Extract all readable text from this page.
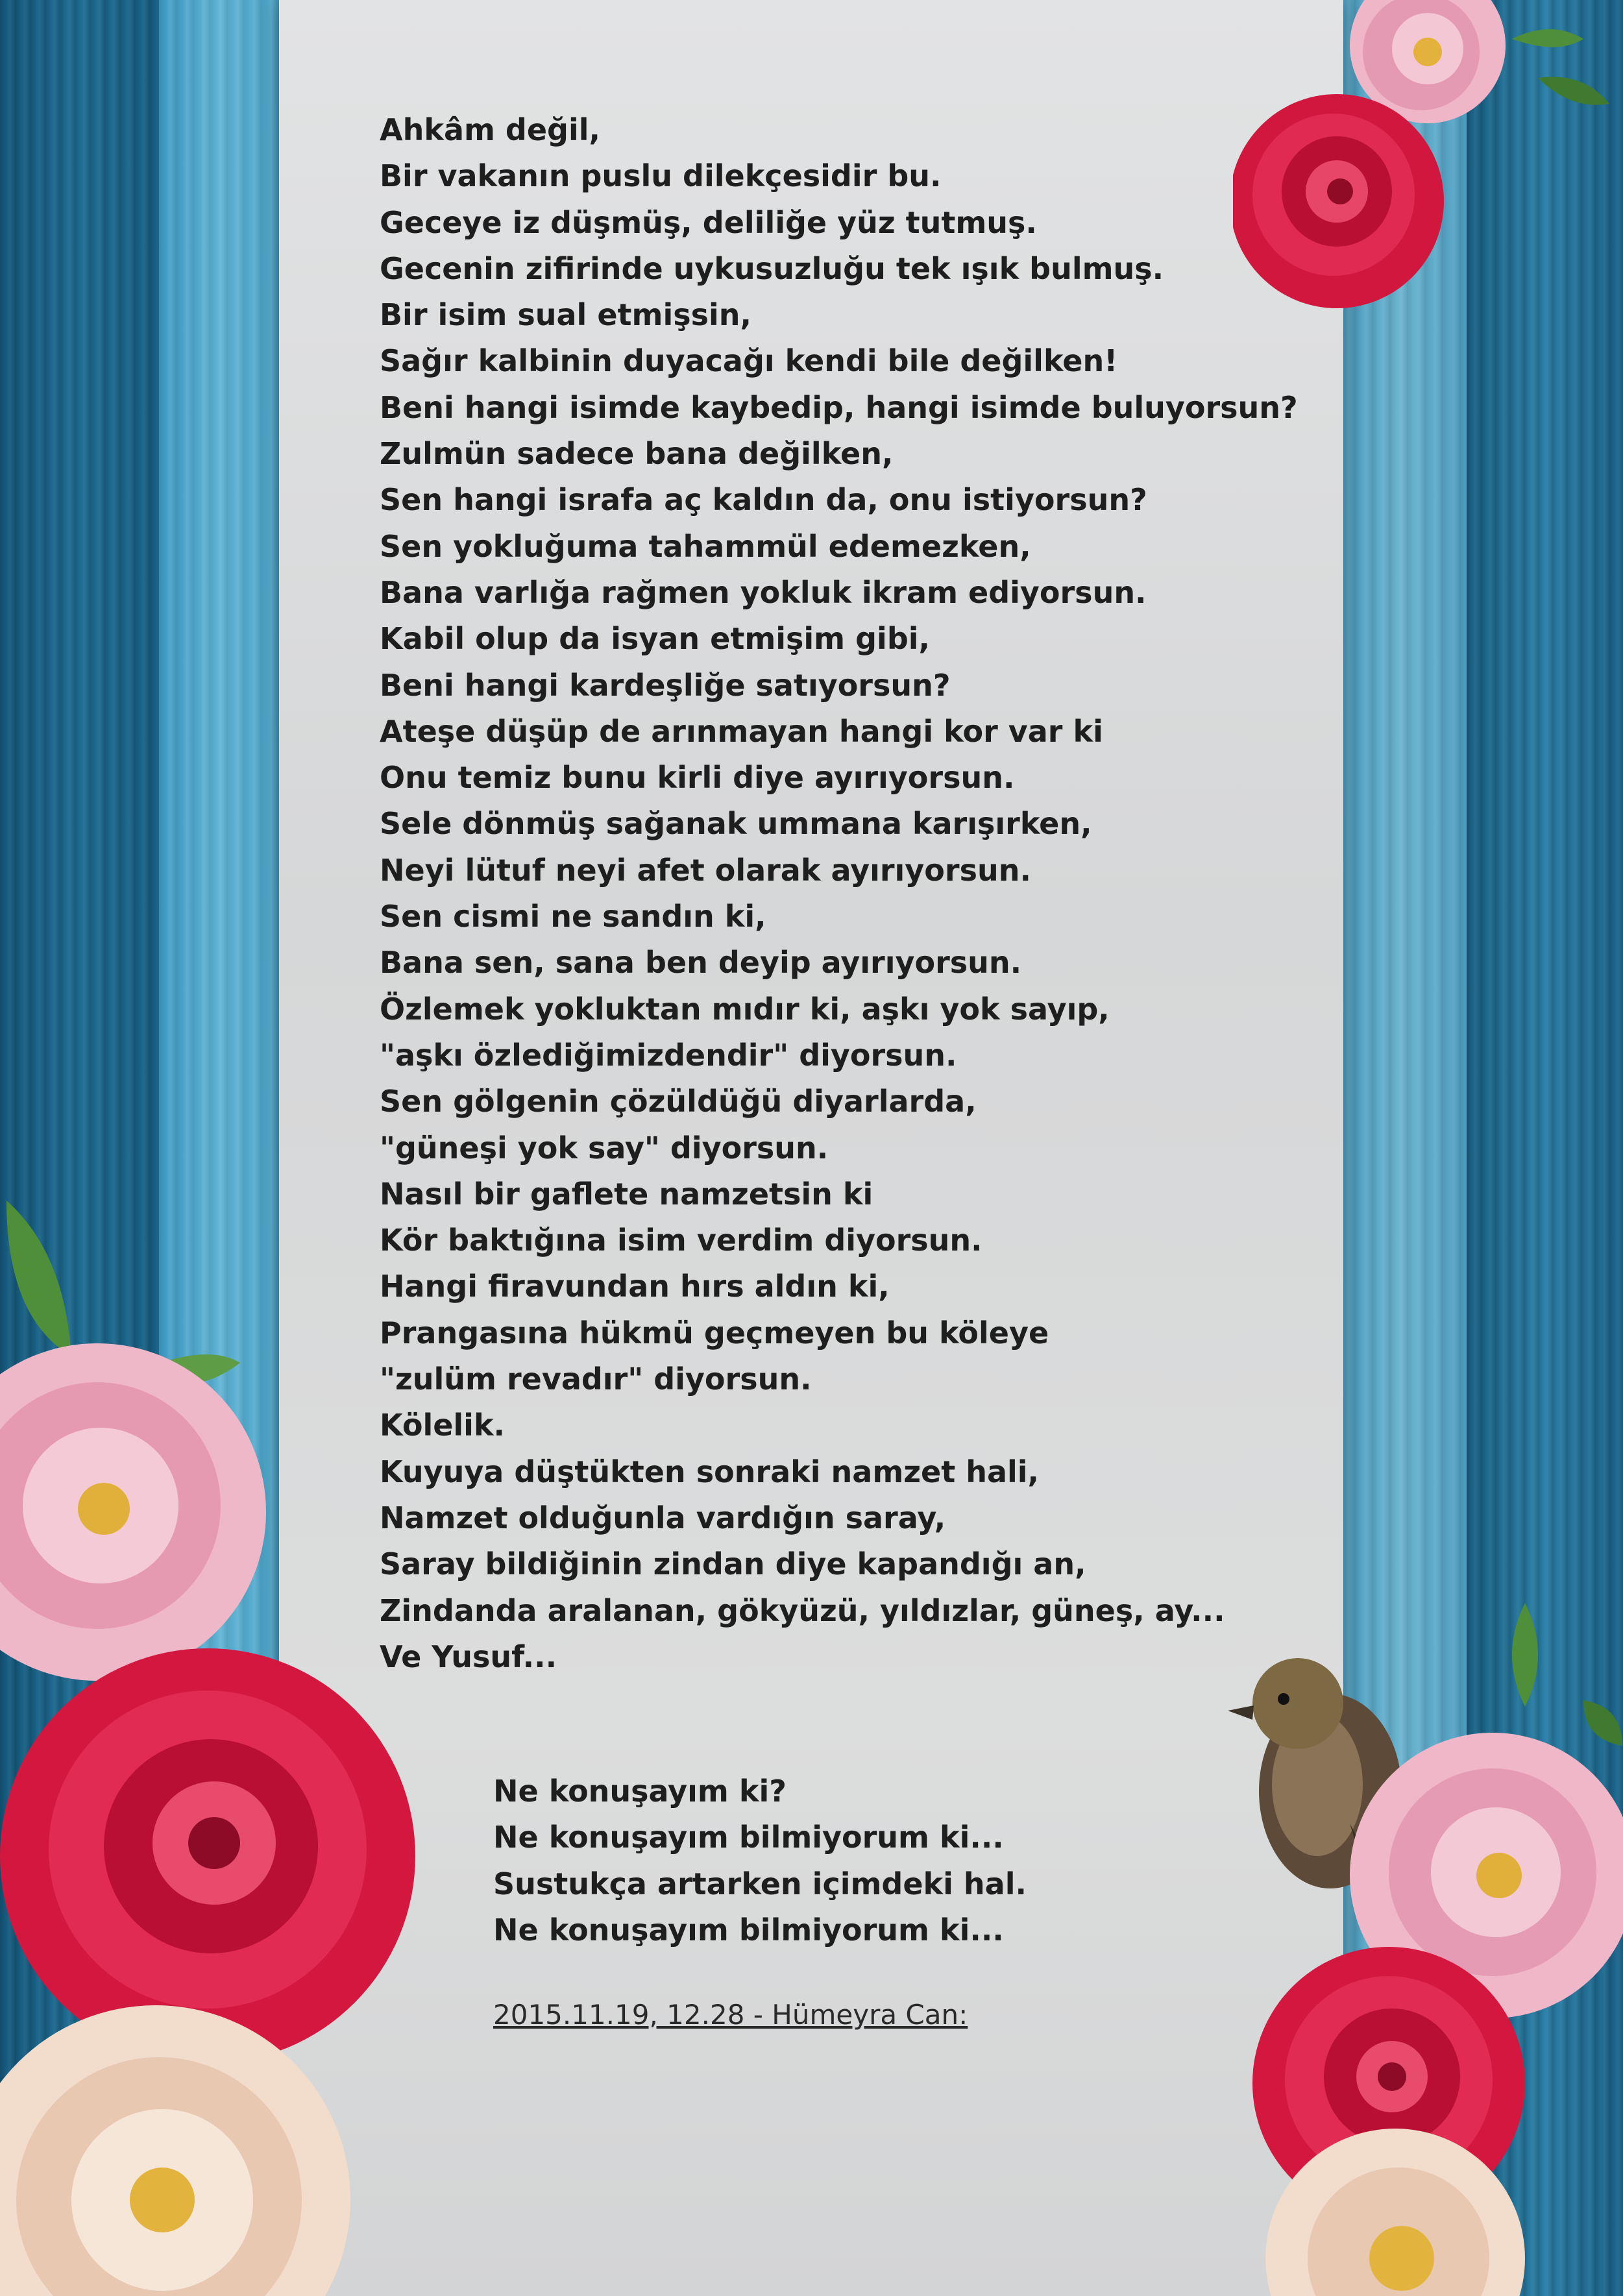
Ahkâm değil,
Bir vakanın puslu dilekçesidir bu.
Geceye iz düşmüş, deliliğe yüz tutmuş.
Gecenin zifirinde uykusuzluğu tek ışık bulmuş.
Bir isim sual etmişsin,
Sağır kalbinin duyacağı kendi bile değilken!
Beni hangi isimde kaybedip, hangi isimde buluyorsun?
Zulmün sadece bana değilken,
Sen hangi israfa aç kaldın da, onu istiyorsun?
Sen yokluğuma tahammül edemezken,
Bana varlığa rağmen yokluk ikram ediyorsun.
Kabil olup da isyan etmişim gibi,
Beni hangi kardeşliğe satıyorsun?
Ateşe düşüp de arınmayan hangi kor var ki
Onu temiz bunu kirli diye ayırıyorsun.
Sele dönmüş sağanak ummana karışırken,
Neyi lütuf neyi afet olarak ayırıyorsun.
Sen cismi ne sandın ki,
Bana sen, sana ben deyip ayırıyorsun.
Özlemek yokluktan mıdır ki, aşkı yok sayıp,
"aşkı özlediğimizdendir" diyorsun.
Sen gölgenin çözüldüğü diyarlarda,
"güneşi yok say" diyorsun.
Nasıl bir gaflete namzetsin ki
Kör baktığına isim verdim diyorsun.
Hangi firavundan hırs aldın ki,
Prangasına hükmü geçmeyen bu köleye
"zulüm revadır" diyorsun.
Kölelik.
Kuyuya düştükten sonraki namzet hali,
Namzet olduğunla vardığın saray,
Saray bildiğinin zindan diye kapandığı an,
Zindanda aralanan, gökyüzü, yıldızlar, güneş, ay...
Ve Yusuf...
Ne konuşayım ki?
Ne konuşayım bilmiyorum ki...
Sustukça artarken içimdeki hal.
Ne konuşayım bilmiyorum ki...
2015.11.19, 12.28 - Hümeyra Can:
